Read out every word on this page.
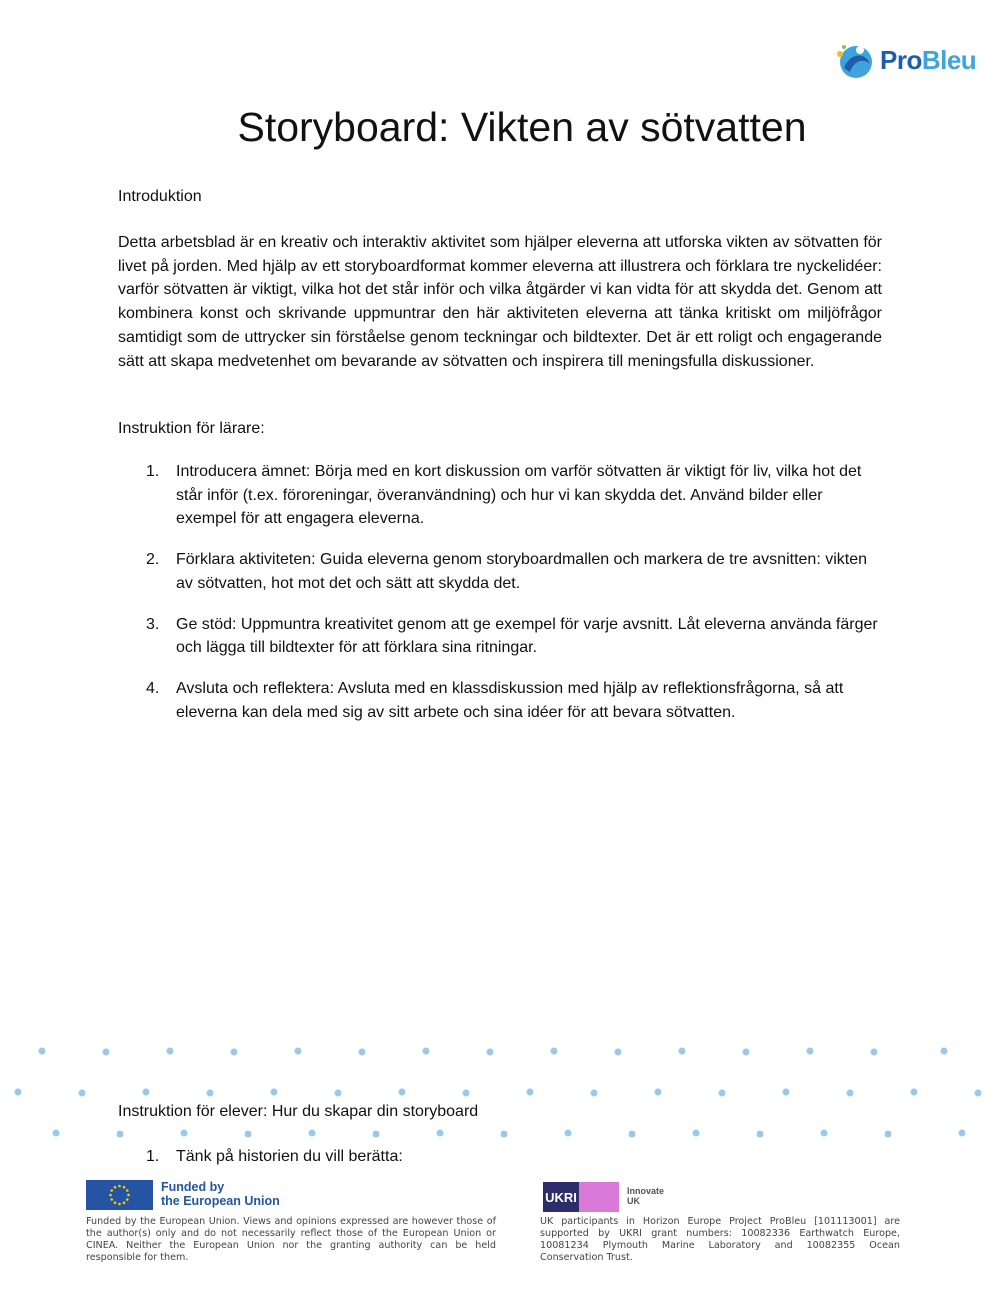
ProBleu
Storyboard: Vikten av sötvatten
Introduktion
Detta arbetsblad är en kreativ och interaktiv aktivitet som hjälper eleverna att utforska vikten av sötvatten för livet på jorden. Med hjälp av ett storyboardformat kommer eleverna att illustrera och förklara tre nyckelidéer: varför sötvatten är viktigt, vilka hot det står inför och vilka åtgärder vi kan vidta för att skydda det. Genom att kombinera konst och skrivande uppmuntrar den här aktiviteten eleverna att tänka kritiskt om miljöfrågor samtidigt som de uttrycker sin förståelse genom teckningar och bildtexter. Det är ett roligt och engagerande sätt att skapa medvetenhet om bevarande av sötvatten och inspirera till meningsfulla diskussioner.
Instruktion för lärare:
1. Introducera ämnet: Börja med en kort diskussion om varför sötvatten är viktigt för liv, vilka hot det står inför (t.ex. föroreningar, överanvändning) och hur vi kan skydda det. Använd bilder eller exempel för att engagera eleverna.
2. Förklara aktiviteten: Guida eleverna genom storyboardmallen och markera de tre avsnitten: vikten av sötvatten, hot mot det och sätt att skydda det.
3. Ge stöd: Uppmuntra kreativitet genom att ge exempel för varje avsnitt. Låt eleverna använda färger och lägga till bildtexter för att förklara sina ritningar.
4. Avsluta och reflektera: Avsluta med en klassdiskussion med hjälp av reflektionsfrågorna, så att eleverna kan dela med sig av sitt arbete och sina idéer för att bevara sötvatten.
Instruktion för elever: Hur du skapar din storyboard
1. Tänk på historien du vill berätta:
Funded by
the European Union
Funded by the European Union. Views and opinions expressed are however those of the author(s) only and do not necessarily reflect those of the European Union or CINEA. Neither the European Union nor the granting authority can be held responsible for them.
UKRI	Innovate
UK
UK participants in Horizon Europe Project ProBleu [101113001] are supported by UKRI grant numbers: 10082336 Earthwatch Europe, 10081234 Plymouth Marine Laboratory and 10082355 Ocean Conservation Trust.
